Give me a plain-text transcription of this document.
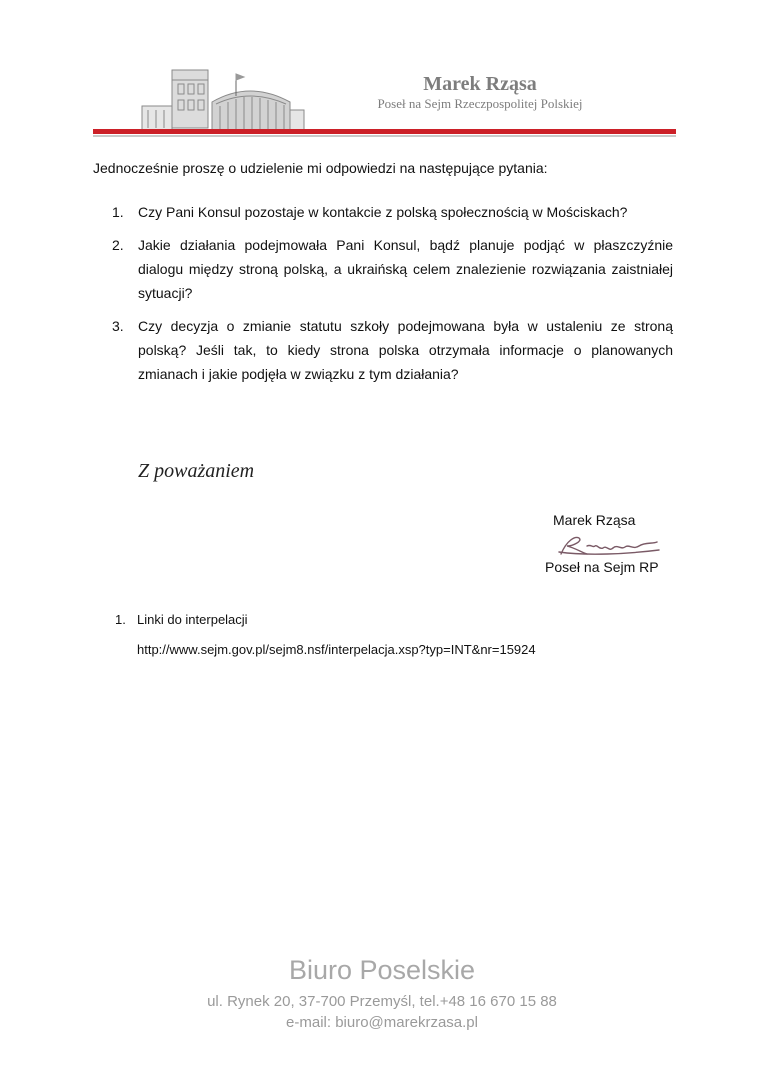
Marek Rząsa
Poseł na Sejm Rzeczpospolitej Polskiej
Jednocześnie proszę o udzielenie mi odpowiedzi na następujące pytania:
1.	Czy Pani Konsul pozostaje w kontakcie z polską społecznością w Mościskach?
2.	Jakie działania podejmowała Pani Konsul, bądź planuje podjąć w płaszczyźnie dialogu między stroną polską, a ukraińską celem znalezienie rozwiązania zaistniałej sytuacji?
3.	Czy decyzja o zmianie statutu szkoły podejmowana była w ustaleniu ze stroną polską? Jeśli tak, to kiedy strona polska otrzymała informacje o planowanych zmianach i jakie podjęła w związku z tym działania?
Z poważaniem
Marek Rząsa
Poseł na Sejm RP
1. Linki do interpelacji
http://www.sejm.gov.pl/sejm8.nsf/interpelacja.xsp?typ=INT&nr=15924
Biuro Poselskie
ul. Rynek 20, 37-700 Przemyśl, tel.+48 16 670 15 88
e-mail: biuro@marekrzasa.pl
